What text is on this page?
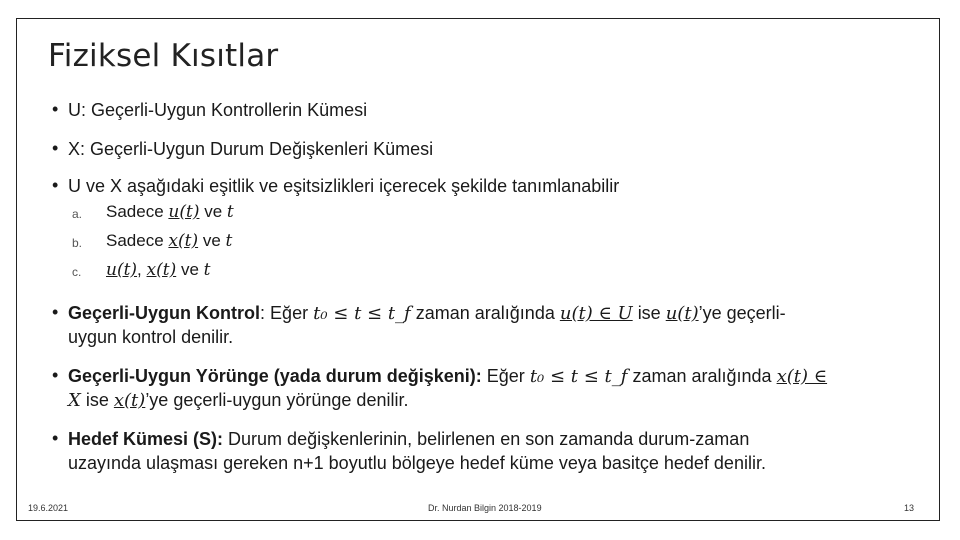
Fiziksel Kısıtlar
• U: Geçerli-Uygun Kontrollerin Kümesi
• X: Geçerli-Uygun Durum Değişkenleri Kümesi
• U ve X aşağıdaki eşitlik ve eşitsizlikleri içerecek şekilde tanımlanabilir
a. Sadece u(t) ve t
b. Sadece x(t) ve t
c. u(t), x(t) ve t
• Geçerli-Uygun Kontrol: Eğer t₀ ≤ t ≤ t_f zaman aralığında u(t) ∈ U ise u(t)’ye geçerli-
uygun kontrol denilir.
• Geçerli-Uygun Yörünge (yada durum değişkeni): Eğer t₀ ≤ t ≤ t_f zaman aralığında x(t) ∈
X ise x(t)’ye geçerli-uygun yörünge denilir.
• Hedef Kümesi (S): Durum değişkenlerinin, belirlenen en son zamanda durum-zaman
uzayında ulaşması gereken n+1 boyutlu bölgeye hedef küme veya basitçe hedef denilir.
19.6.2021	Dr. Nurdan Bilgin 2018-2019	13
